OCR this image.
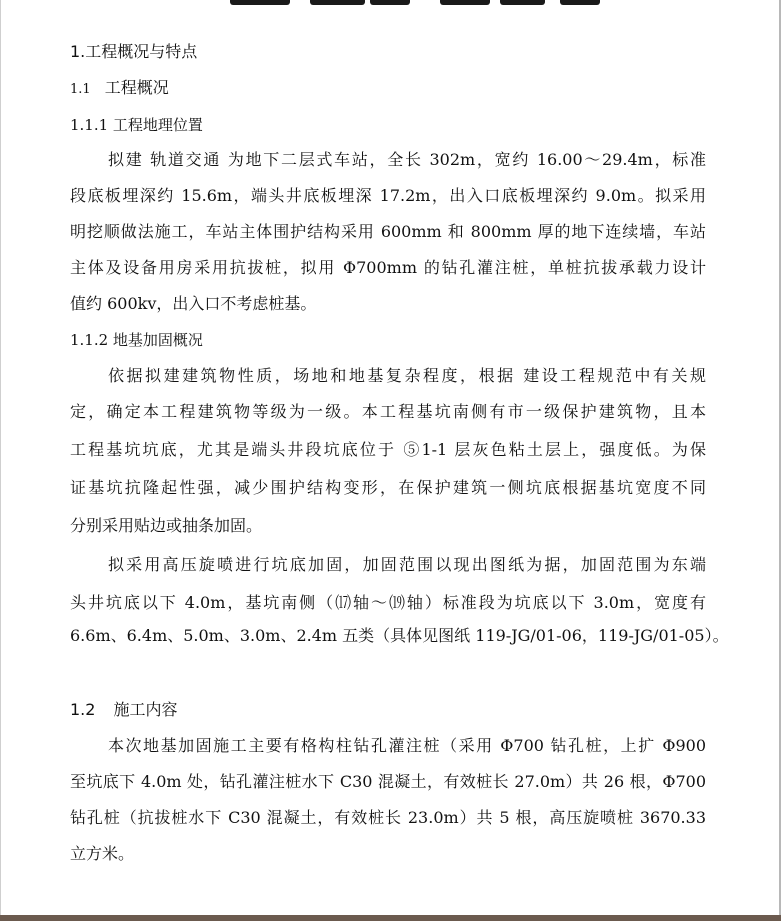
1.工程概况与特点
1.1 工程概况
1.1.1 工程地理位置
拟建 轨道交通 为地下二层式车站，全长 302m，宽约 16.00～29.4m，标准
段底板埋深约 15.6m，端头井底板埋深 17.2m，出入口底板埋深约 9.0m。拟采用
明挖顺做法施工，车站主体围护结构采用 600mm 和 800mm 厚的地下连续墙，车站
主体及设备用房采用抗拔桩，拟用 Φ700mm 的钻孔灌注桩，单桩抗拔承载力设计
值约 600kv，出入口不考虑桩基。
1.1.2 地基加固概况
依据拟建建筑物性质，场地和地基复杂程度，根据 建设工程规范中有关规
定，确定本工程建筑物等级为一级。本工程基坑南侧有市一级保护建筑物，且本
工程基坑坑底，尤其是端头井段坑底位于 ⑤1-1 层灰色粘土层上，强度低。为保
证基坑抗隆起性强，减少围护结构变形，在保护建筑一侧坑底根据基坑宽度不同
分别采用贴边或抽条加固。
拟采用高压旋喷进行坑底加固，加固范围以现出图纸为据，加固范围为东端
头井坑底以下 4.0m，基坑南侧（⒄轴～⒆轴）标准段为坑底以下 3.0m，宽度有
6.6m、6.4m、5.0m、3.0m、2.4m 五类（具体见图纸 119-JG/01-06，119-JG/01-05）。
1.2 施工内容
本次地基加固施工主要有格构柱钻孔灌注桩（采用 Φ700 钻孔桩，上扩 Φ900
至坑底下 4.0m 处，钻孔灌注桩水下 C30 混凝土，有效桩长 27.0m）共 26 根，Φ700
钻孔桩（抗拔桩水下 C30 混凝土，有效桩长 23.0m）共 5 根，高压旋喷桩 3670.33
立方米。
